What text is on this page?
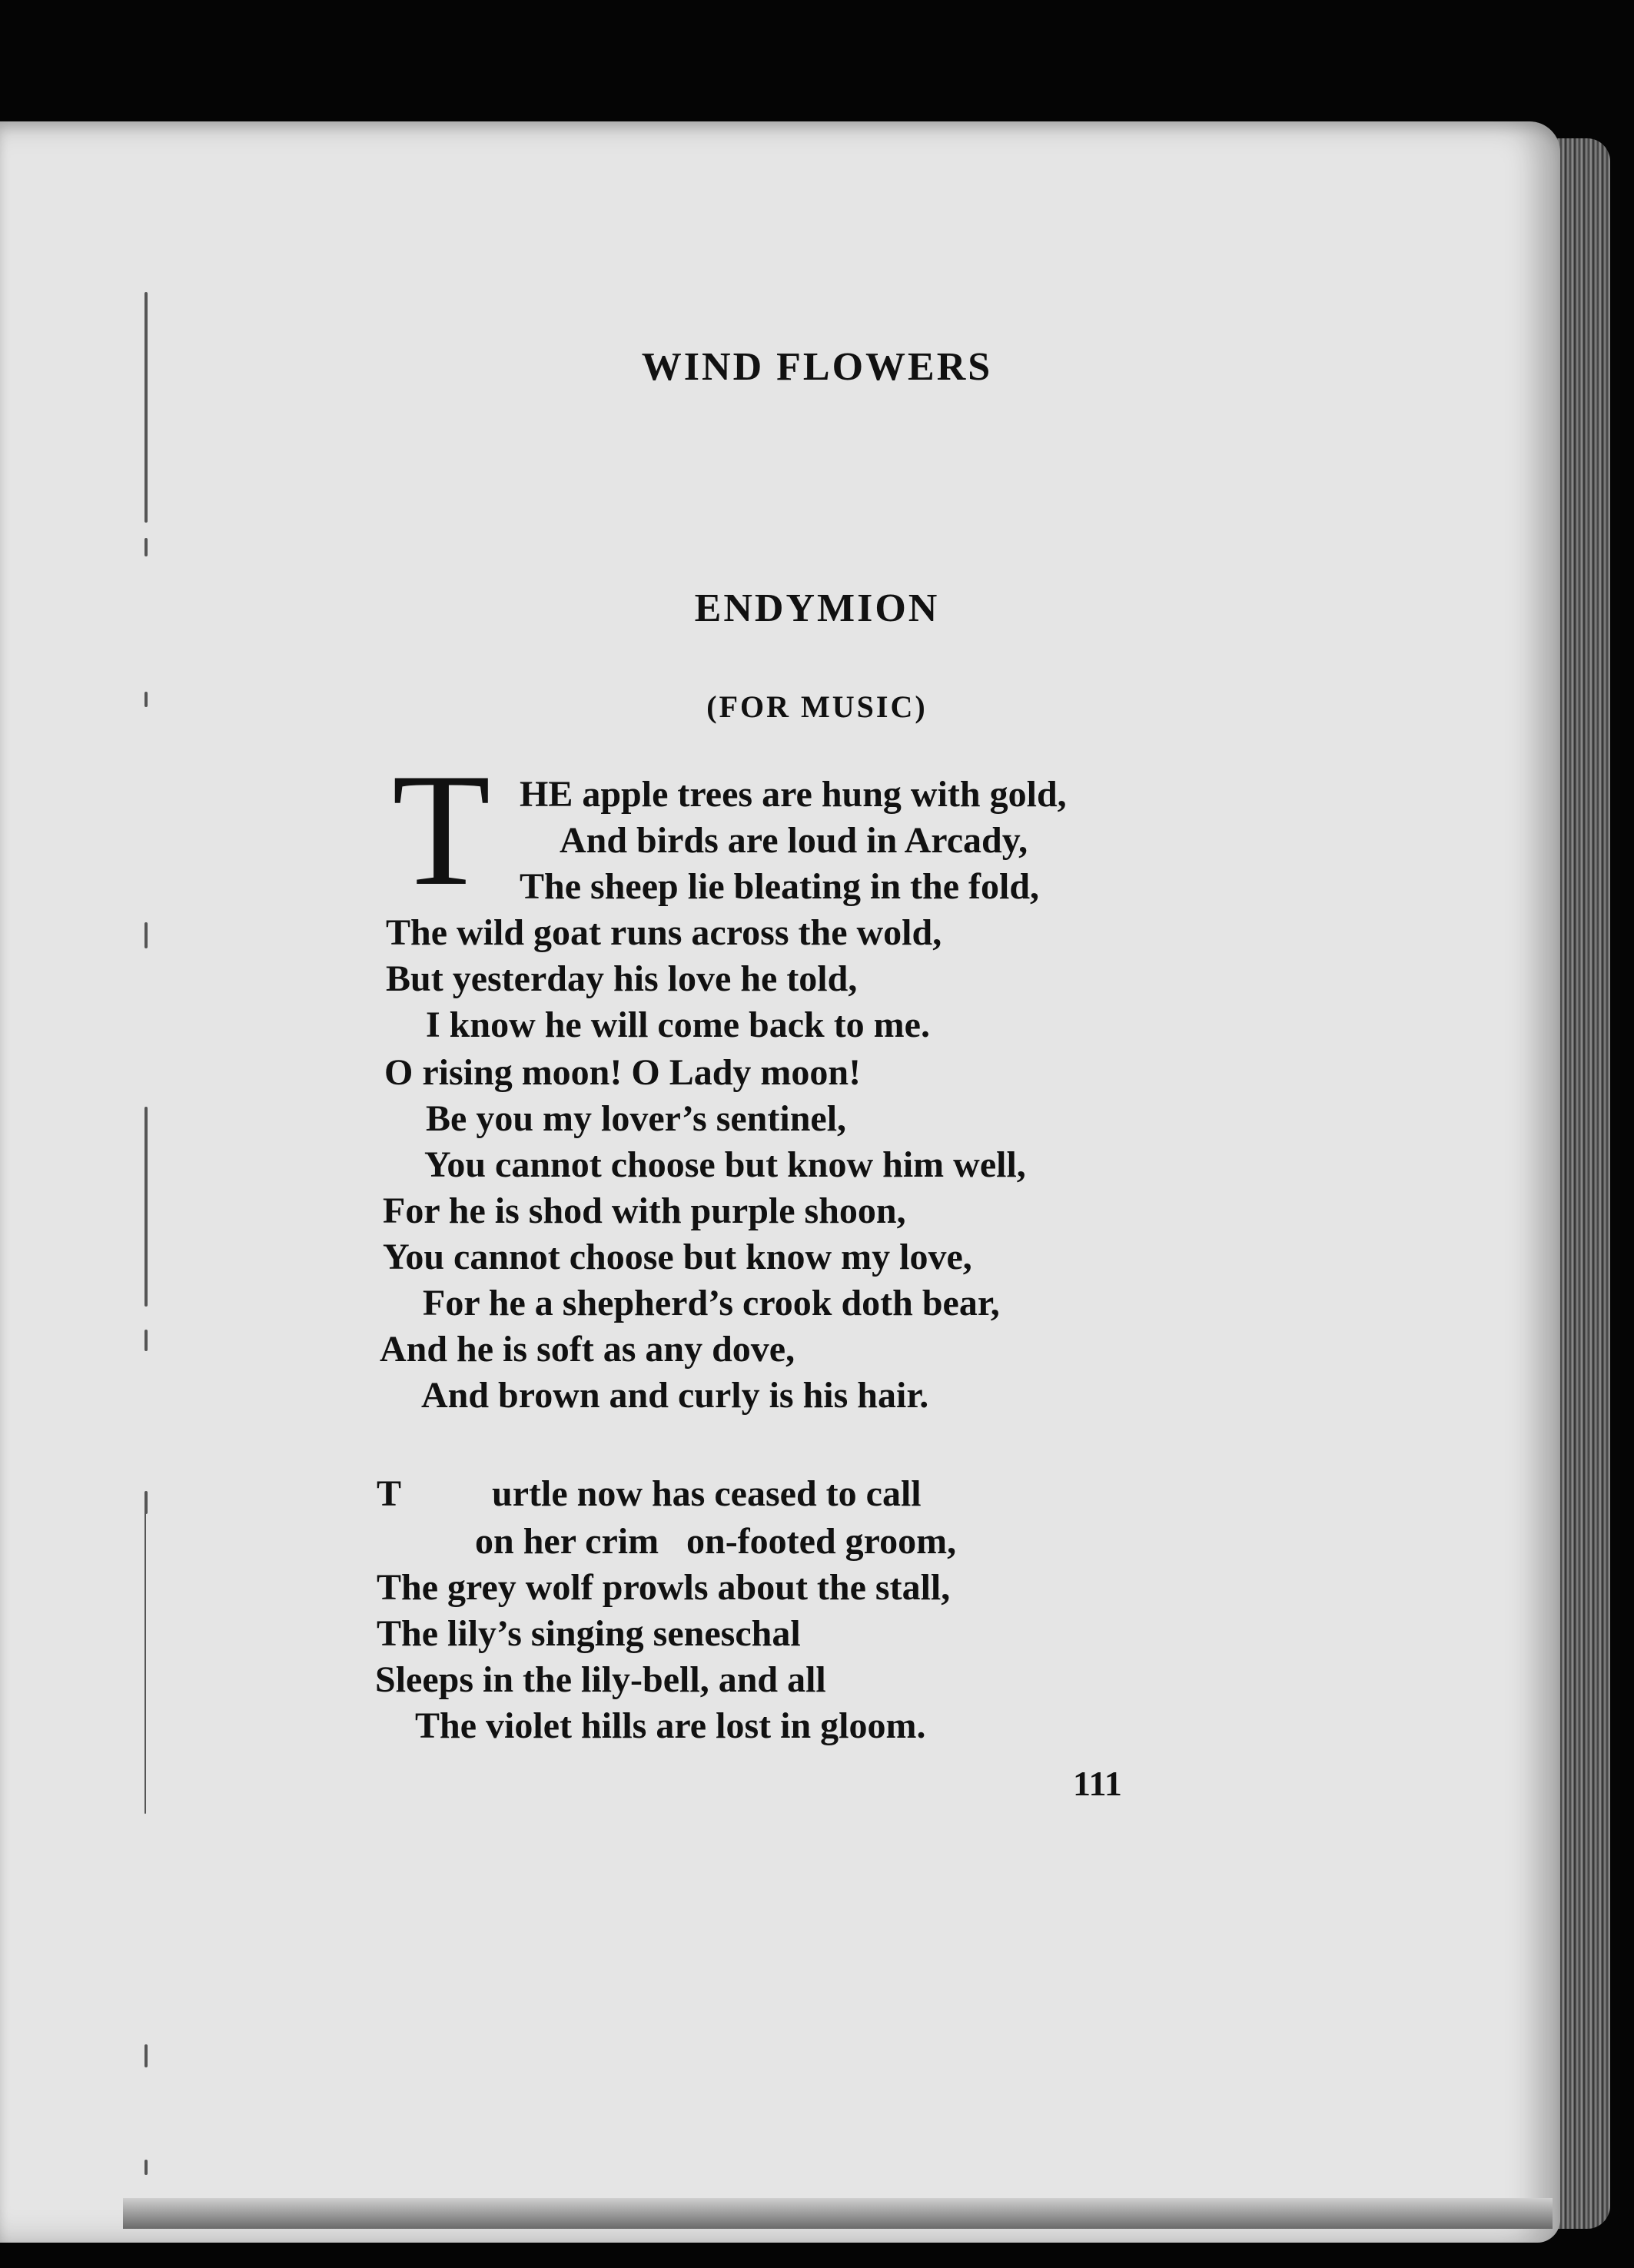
WIND FLOWERS
ENDYMION
(FOR MUSIC)
T HE apple trees are hung with gold,
And birds are loud in Arcady,
The sheep lie bleating in the fold,
The wild goat runs across the wold,
But yesterday his love he told,
I know he will come back to me.
O rising moon! O Lady moon!
Be you my lover’s sentinel,
You cannot choose but know him well,
For he is shod with purple shoon,
You cannot choose but know my love,
For he a shepherd’s crook doth bear,
And he is soft as any dove,
And brown and curly is his hair.
T urtle now has ceased to call
on her crim on-footed groom,
The grey wolf prowls about the stall,
The lily’s singing seneschal
Sleeps in the lily-bell, and all
The violet hills are lost in gloom.
111
